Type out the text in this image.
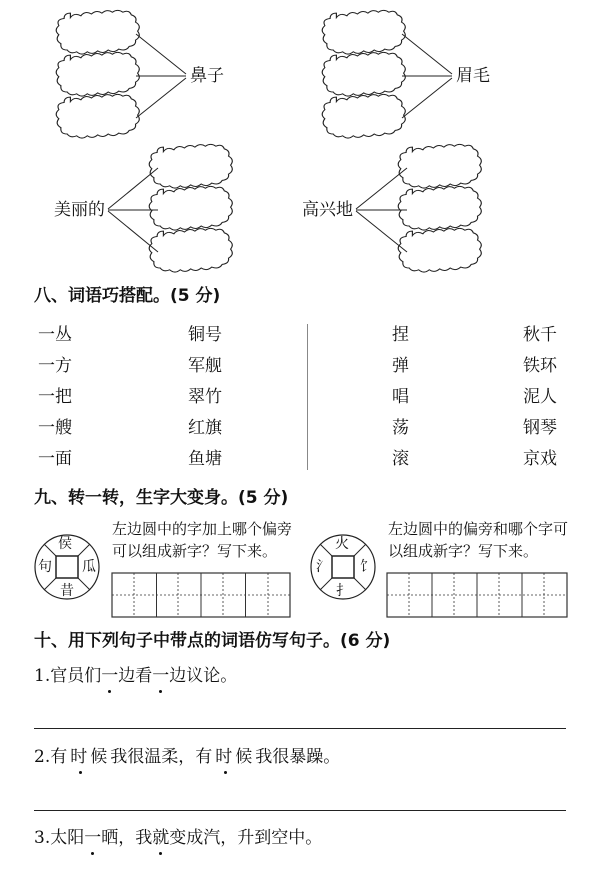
鼻子	眉毛
美丽的	高兴地
八、词语巧搭配。(5 分)
一丛
一方
一把
一艘
一面
铜号
军舰
翠竹
红旗
鱼塘
捏
弹
唱
荡
滚
秋千
铁环
泥人
钢琴
京戏
九、转一转，生字大变身。(5 分)
侯
句 瓜
昔
火
氵 饣
扌
左边圆中的字加上哪个偏旁可以组成新字？写下来。
左边圆中的偏旁和哪个字可以组成新字？写下来。
十、用下列句子中带点的词语仿写句子。(6 分)
1.官员们一边看一边议论。
2.有时候我很温柔，有时候我很暴躁。
3.太阳一晒，我就变成汽，升到空中。
